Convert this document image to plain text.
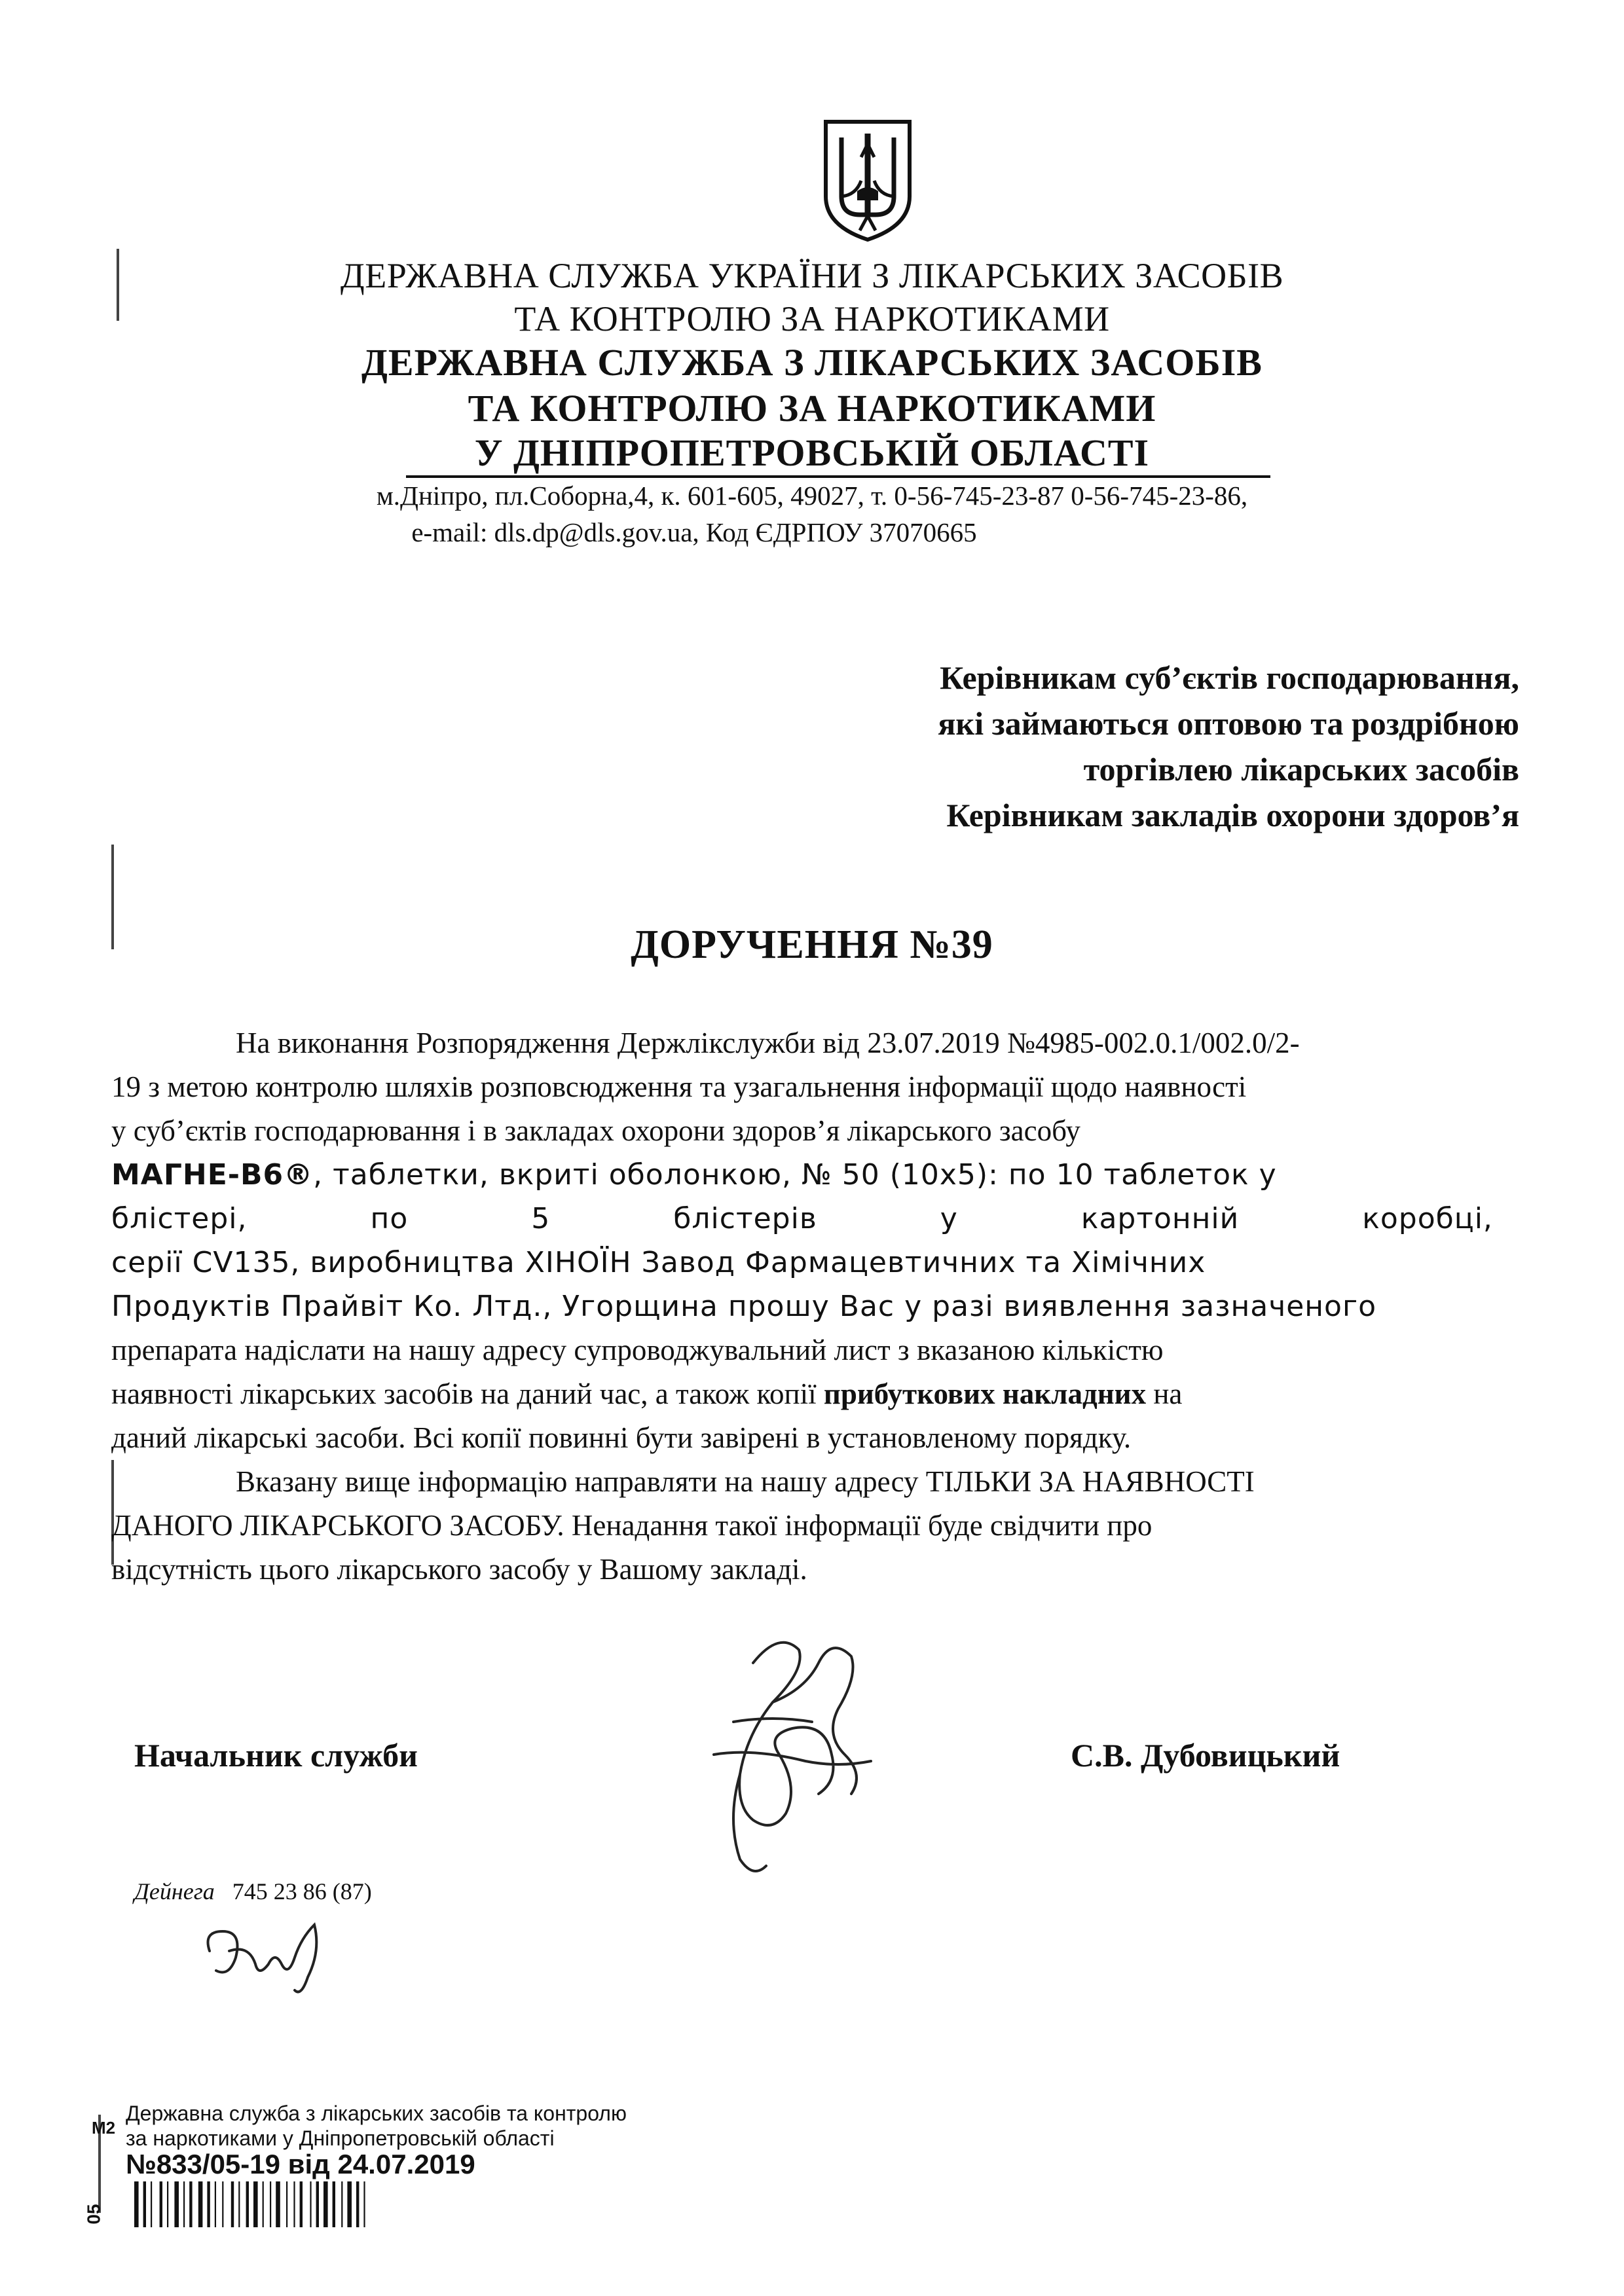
ДЕРЖАВНА СЛУЖБА УКРАЇНИ З ЛІКАРСЬКИХ ЗАСОБІВ
ТА КОНТРОЛЮ ЗА НАРКОТИКАМИ
ДЕРЖАВНА СЛУЖБА З ЛІКАРСЬКИХ ЗАСОБІВ
ТА КОНТРОЛЮ ЗА НАРКОТИКАМИ
У ДНІПРОПЕТРОВСЬКІЙ ОБЛАСТІ
м.Дніпро, пл.Соборна,4, к. 601-605, 49027, т. 0-56-745-23-87 0-56-745-23-86,
e-mail: dls.dp@dls.gov.ua, Код ЄДРПОУ 37070665
Керівникам суб’єктів господарювання,
які займаються оптовою та роздрібною
торгівлею лікарських засобів
Керівникам закладів охорони здоров’я
ДОРУЧЕННЯ №39
На виконання Розпорядження Держлікслужби від 23.07.2019 №4985-002.0.1/002.0/2-
19 з метою контролю шляхів розповсюдження та узагальнення інформації щодо наявності
у суб’єктів господарювання і в закладах охорони здоров’я лікарського засобу
МАГНЕ-В6®, таблетки, вкриті оболонкою, № 50 (10х5): по 10 таблеток у
блістері,	по	5	блістерів	у	картонній	коробці,
серії CV135, виробництва ХІНОЇН Завод Фармацевтичних та Хімічних
Продуктів Прайвіт Ко. Лтд., Угорщина прошу Вас у разі виявлення зазначеного
препарата надіслати на нашу адресу супроводжувальний лист з вказаною кількістю
наявності лікарських засобів на даний час, а також копії прибуткових накладних на
даний лікарські засоби. Всі копії повинні бути завірені в установленому порядку.
Вказану вище інформацію направляти на нашу адресу ТІЛЬКИ ЗА НАЯВНОСТІ
ДАНОГО ЛІКАРСЬКОГО ЗАСОБУ. Ненадання такої інформації буде свідчити про
відсутність цього лікарського засобу у Вашому закладі.
Начальник служби	С.В. Дубовицький
Дейнега 745 23 86 (87)
М2
Державна служба з лікарських засобів та контролю
за наркотиками у Дніпропетровській області
№833/05-19 від 24.07.2019
05
